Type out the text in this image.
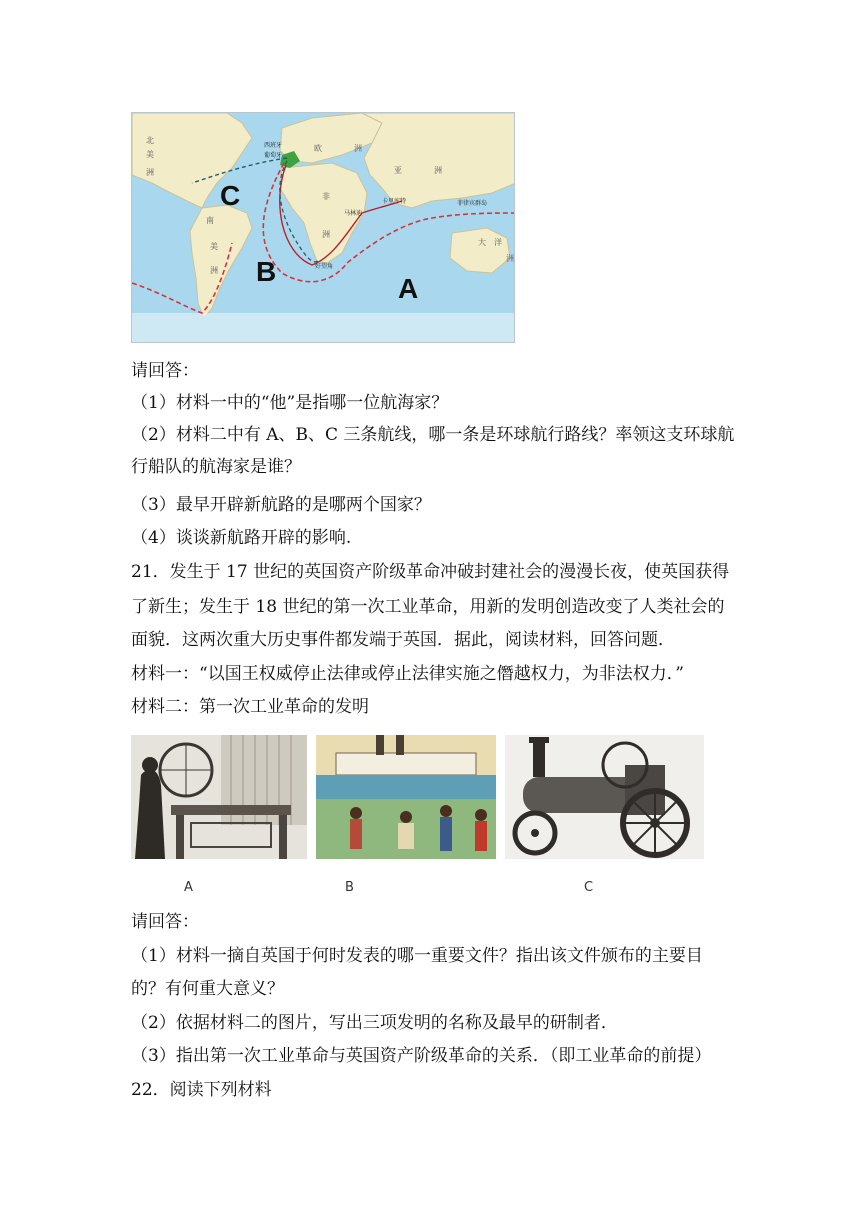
C
B
A
北
美
洲
南
美
洲
欧	洲
亚	洲
非
洲
大 洋
洲
西班牙
葡萄牙
好望角
卡里库特
马林迪
菲律宾群岛
请回答：
（1）材料一中的“他”是指哪一位航海家？
（2）材料二中有 A、B、C 三条航线，哪一条是环球航行路线？率领这支环球航
行船队的航海家是谁？
（3）最早开辟新航路的是哪两个国家？
（4）谈谈新航路开辟的影响.
21．发生于 17 世纪的英国资产阶级革命冲破封建社会的漫漫长夜，使英国获得
了新生；发生于 18 世纪的第一次工业革命，用新的发明创造改变了人类社会的
面貌．这两次重大历史事件都发端于英国．据此，阅读材料，回答问题．
材料一：“以国王权威停止法律或停止法律实施之僭越权力，为非法权力．”
材料二：第一次工业革命的发明
A	B	C
请回答：
（1）材料一摘自英国于何时发表的哪一重要文件？指出该文件颁布的主要目
的？有何重大意义？
（2）依据材料二的图片，写出三项发明的名称及最早的研制者．
（3）指出第一次工业革命与英国资产阶级革命的关系．（即工业革命的前提）
22．阅读下列材料
